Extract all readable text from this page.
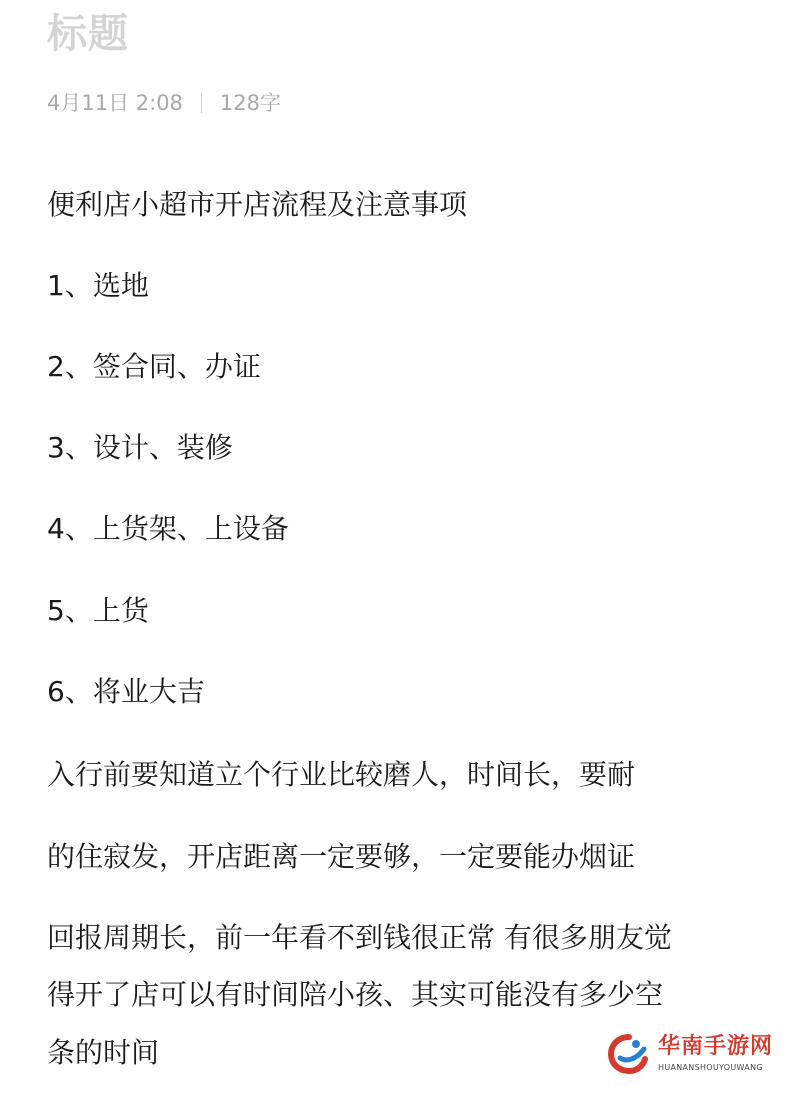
标题
4月11日 2:08 128字
便利店小超市开店流程及注意事项
1、选地
2、签合同、办证
3、设计、装修
4、上货架、上设备
5、上货
6、将业大吉
入行前要知道立个行业比较磨人，时间长，要耐
的住寂发，开店距离一定要够，一定要能办烟证
回报周期长，前一年看不到钱很正常 有很多朋友觉
得开了店可以有时间陪小孩、其实可能没有多少空
条的时间	华南手游网
HUANANSHOUYOUWANG
